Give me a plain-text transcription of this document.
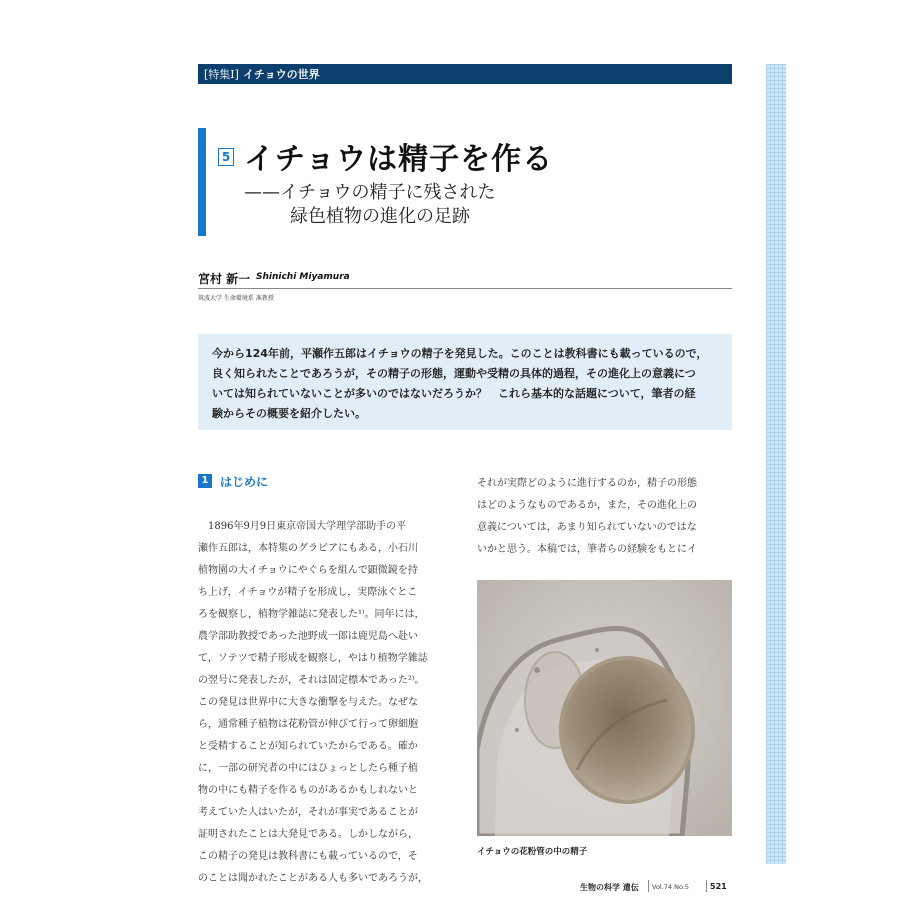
[特集Ⅰ] イチョウの世界
5 イチョウは精子を作る
——イチョウの精子に残された
緑色植物の進化の足跡
宮村 新一 Shinichi Miyamura
筑波大学 生命環境系 准教授
今から124年前，平瀬作五郎はイチョウの精子を発見した。このことは教科書にも載っているので，
良く知られたことであろうが，その精子の形態，運動や受精の具体的過程，その進化上の意義につ
いては知られていないことが多いのではないだろうか？　これら基本的な話題について，筆者の経
験からその概要を紹介したい。
1 はじめに
1896年9月9日東京帝国大学理学部助手の平
瀬作五郎は，本特集のグラビアにもある，小石川
植物園の大イチョウにやぐらを組んで顕微鏡を持
ち上げ，イチョウが精子を形成し，実際泳ぐとこ
ろを観察し，植物学雑誌に発表した¹⁾。同年には，
農学部助教授であった池野成一郎は鹿児島へ赴い
て，ソテツで精子形成を観察し，やはり植物学雑誌
の翌号に発表したが，それは固定標本であった²⁾。
この発見は世界中に大きな衝撃を与えた。なぜな
ら，通常種子植物は花粉管が伸びて行って卵細胞
と受精することが知られていたからである。確か
に，一部の研究者の中にはひょっとしたら種子植
物の中にも精子を作るものがあるかもしれないと
考えていた人はいたが，それが事実であることが
証明されたことは大発見である。しかしながら，
この精子の発見は教科書にも載っているので，そ
のことは聞かれたことがある人も多いであろうが，
それが実際どのように進行するのか，精子の形態
はどのようなものであるか，また，その進化上の
意義については，あまり知られていないのではな
いかと思う。本稿では，筆者らの経験をもとにイ
イチョウの花粉管の中の精子
生物の科学 遺伝 Vol.74 No.5	521
